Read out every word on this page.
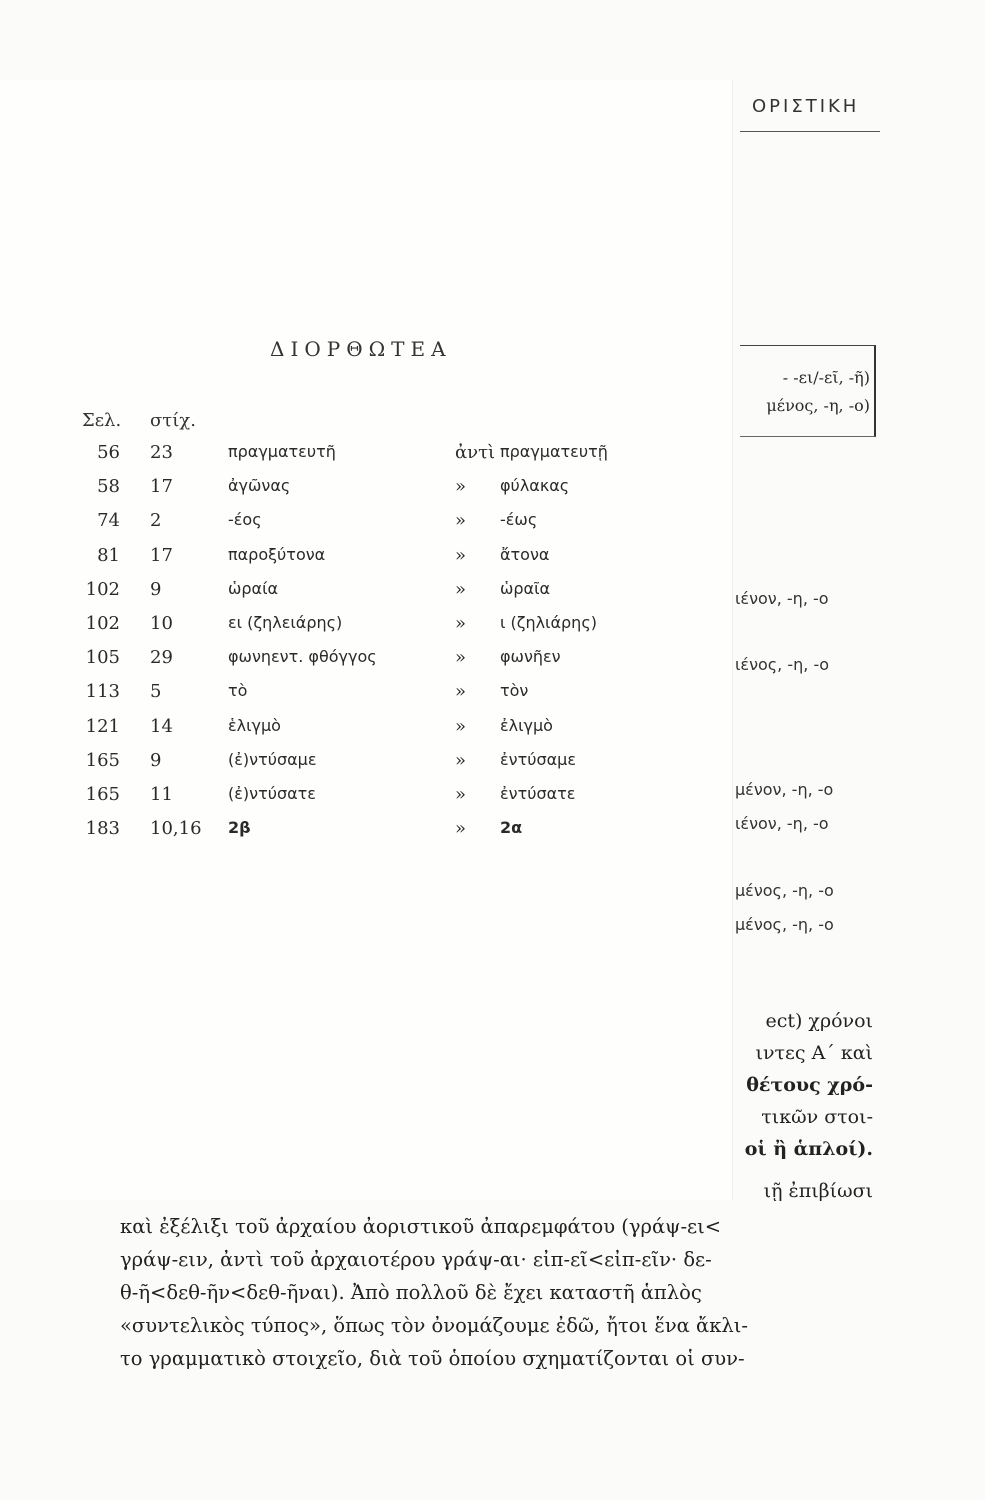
ΟΡΙΣΤΙΚΗ
- -ει/-εῖ, -ῆ)
μένος, -η, -ο)
ιένον, -η, -ο
ιένος, -η, -ο
μένον, -η, -ο
ιένον, -η, -ο
μένος, -η, -ο
μένος, -η, -ο
ect) χρόνοι
ιντες Α΄ καὶ
θέτους χρό-
τικῶν στοι-
οἱ ἢ ἁπλοί).
ιῇ ἐπιβίωσι
καὶ ἐξέλιξι τοῦ ἀρχαίου ἀοριστικοῦ ἀπαρεμφάτου (γράψ-ει<
γράψ-ειν, ἀντὶ τοῦ ἀρχαιοτέρου γράψ-αι· εἰπ-εῖ<εἰπ-εῖν· δε-
θ-ῆ<δεθ-ῆν<δεθ-ῆναι). Ἀπὸ πολλοῦ δὲ ἔχει καταστῆ ἁπλὸς
«συντελικὸς τύπος», ὅπως τὸν ὀνομάζουμε ἐδῶ, ἤτοι ἕνα ἄκλι-
το γραμματικὸ στοιχεῖο, διὰ τοῦ ὁποίου σχηματίζονται οἱ συν-
ΔΙΟΡΘΩΤΕΑ
Σελ. στίχ.
56 23	πραγματευτῆ	ἀντὶ πραγματευτῇ
58 17	ἀγῶνας	» φύλακας
74 2	-έος	» -έως
81 17	παροξύτονα	» ἄτονα
102 9	ὡραία	» ὡραῖα
102 10	ει (ζηλειάρης)	» ι (ζηλιάρης)
105 29	φωνηεντ. φθόγγος	» φωνῆεν
113 5	τὸ	» τὸν
121 14	ἑλιγμὸ	» ἐλιγμὸ
165 9	(ἐ)ντύσαμε	» ἐντύσαμε
165 11	(ἐ)ντύσατε	» ἐντύσατε
183 10,16 2β	» 2α
